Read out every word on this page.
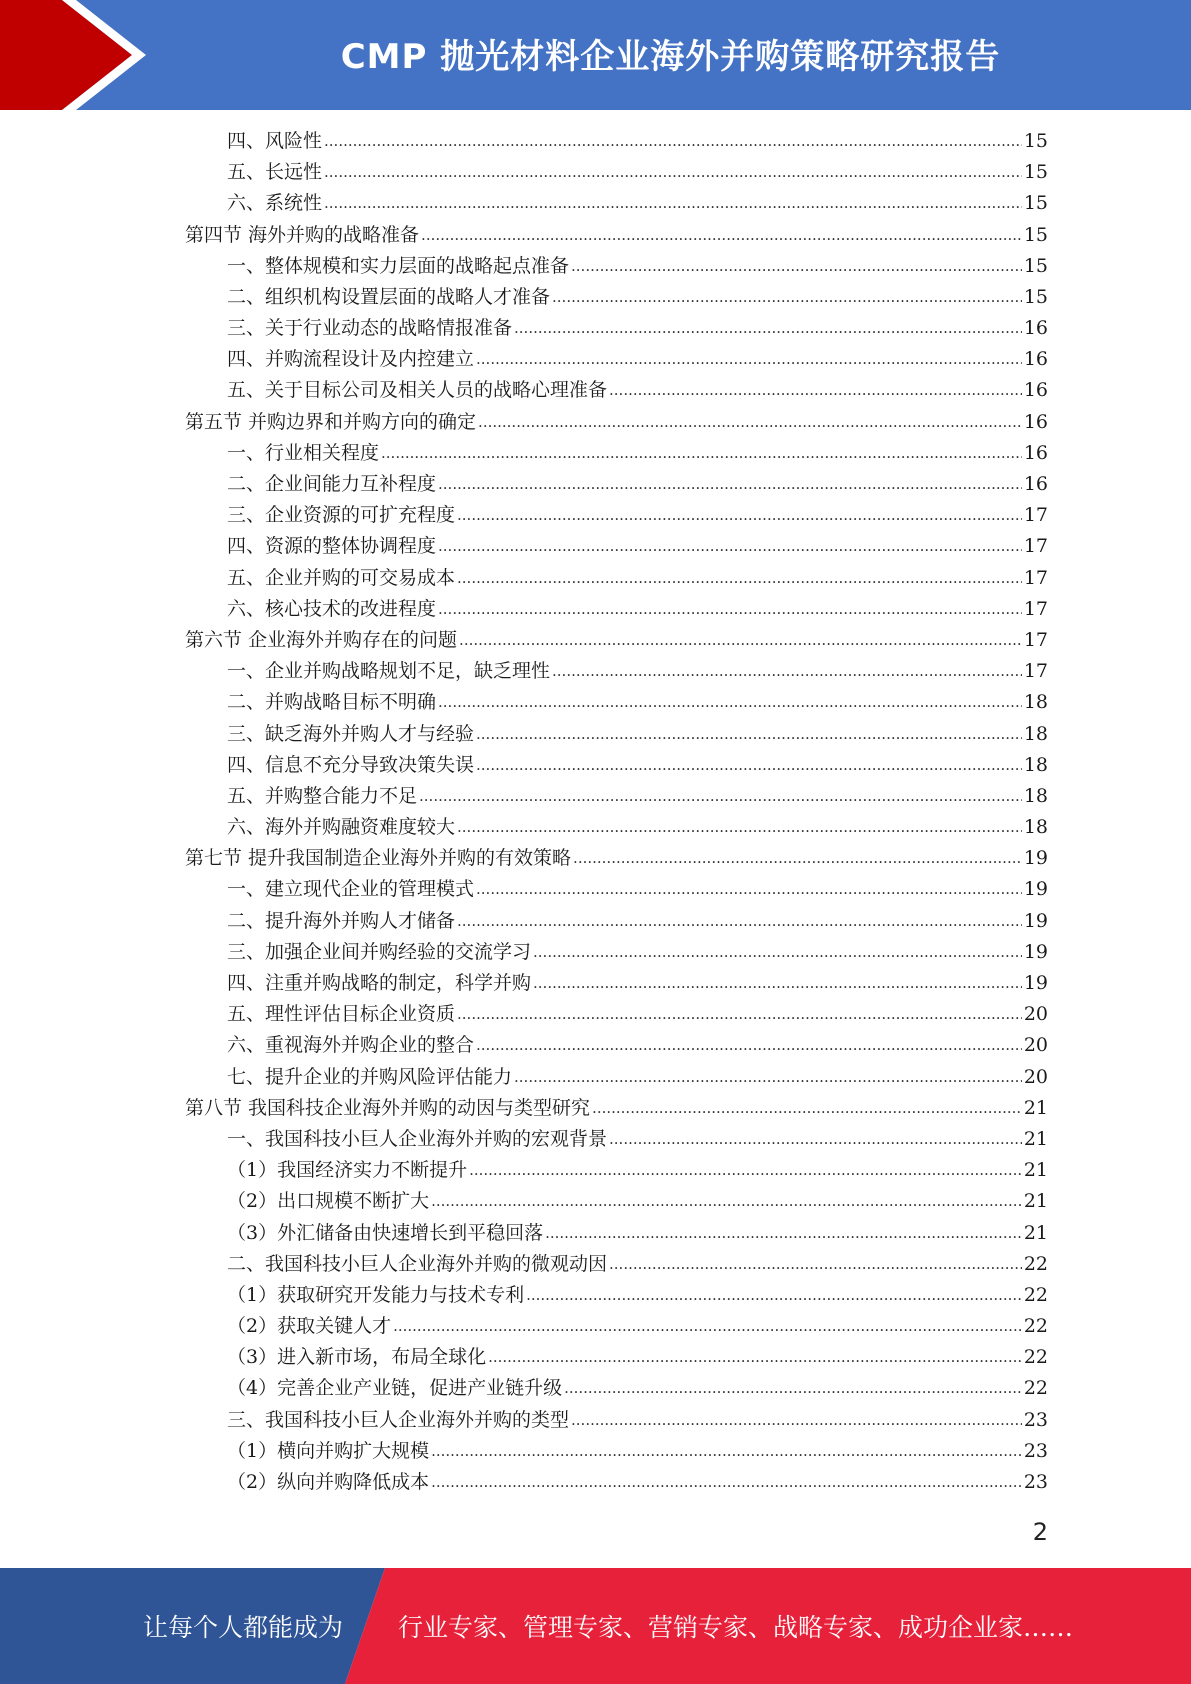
CMP 抛光材料企业海外并购策略研究报告
四、风险性 .....	15
五、长远性 .....	15
六、系统性 .....	15
第四节 海外并购的战略准备 .....	15
一、整体规模和实力层面的战略起点准备 .....	15
二、组织机构设置层面的战略人才准备 .....	15
三、关于行业动态的战略情报准备 .....	16
四、并购流程设计及内控建立 .....	16
五、关于目标公司及相关人员的战略心理准备 .....	16
第五节 并购边界和并购方向的确定 .....	16
一、行业相关程度 .....	16
二、企业间能力互补程度 .....	16
三、企业资源的可扩充程度 .....	17
四、资源的整体协调程度 .....	17
五、企业并购的可交易成本 .....	17
六、核心技术的改进程度 .....	17
第六节 企业海外并购存在的问题 .....	17
一、企业并购战略规划不足，缺乏理性 .....	17
二、并购战略目标不明确 .....	18
三、缺乏海外并购人才与经验 .....	18
四、信息不充分导致决策失误 .....	18
五、并购整合能力不足 .....	18
六、海外并购融资难度较大 .....	18
第七节 提升我国制造企业海外并购的有效策略 .....	19
一、建立现代企业的管理模式 .....	19
二、提升海外并购人才储备 .....	19
三、加强企业间并购经验的交流学习 .....	19
四、注重并购战略的制定，科学并购 .....	19
五、理性评估目标企业资质 .....	20
六、重视海外并购企业的整合 .....	20
七、提升企业的并购风险评估能力 .....	20
第八节 我国科技企业海外并购的动因与类型研究 .....	21
一、我国科技小巨人企业海外并购的宏观背景 .....	21
（1）我国经济实力不断提升 .....	21
（2）出口规模不断扩大 .....	21
（3）外汇储备由快速增长到平稳回落 .....	21
二、我国科技小巨人企业海外并购的微观动因 .....	22
（1）获取研究开发能力与技术专利 .....	22
（2）获取关键人才 .....	22
（3）进入新市场，布局全球化 .....	22
（4）完善企业产业链，促进产业链升级 .....	22
三、我国科技小巨人企业海外并购的类型 .....	23
（1）横向并购扩大规模 .....	23
（2）纵向并购降低成本 .....	23
2
让每个人都能成为 行业专家、管理专家、营销专家、战略专家、成功企业家……
